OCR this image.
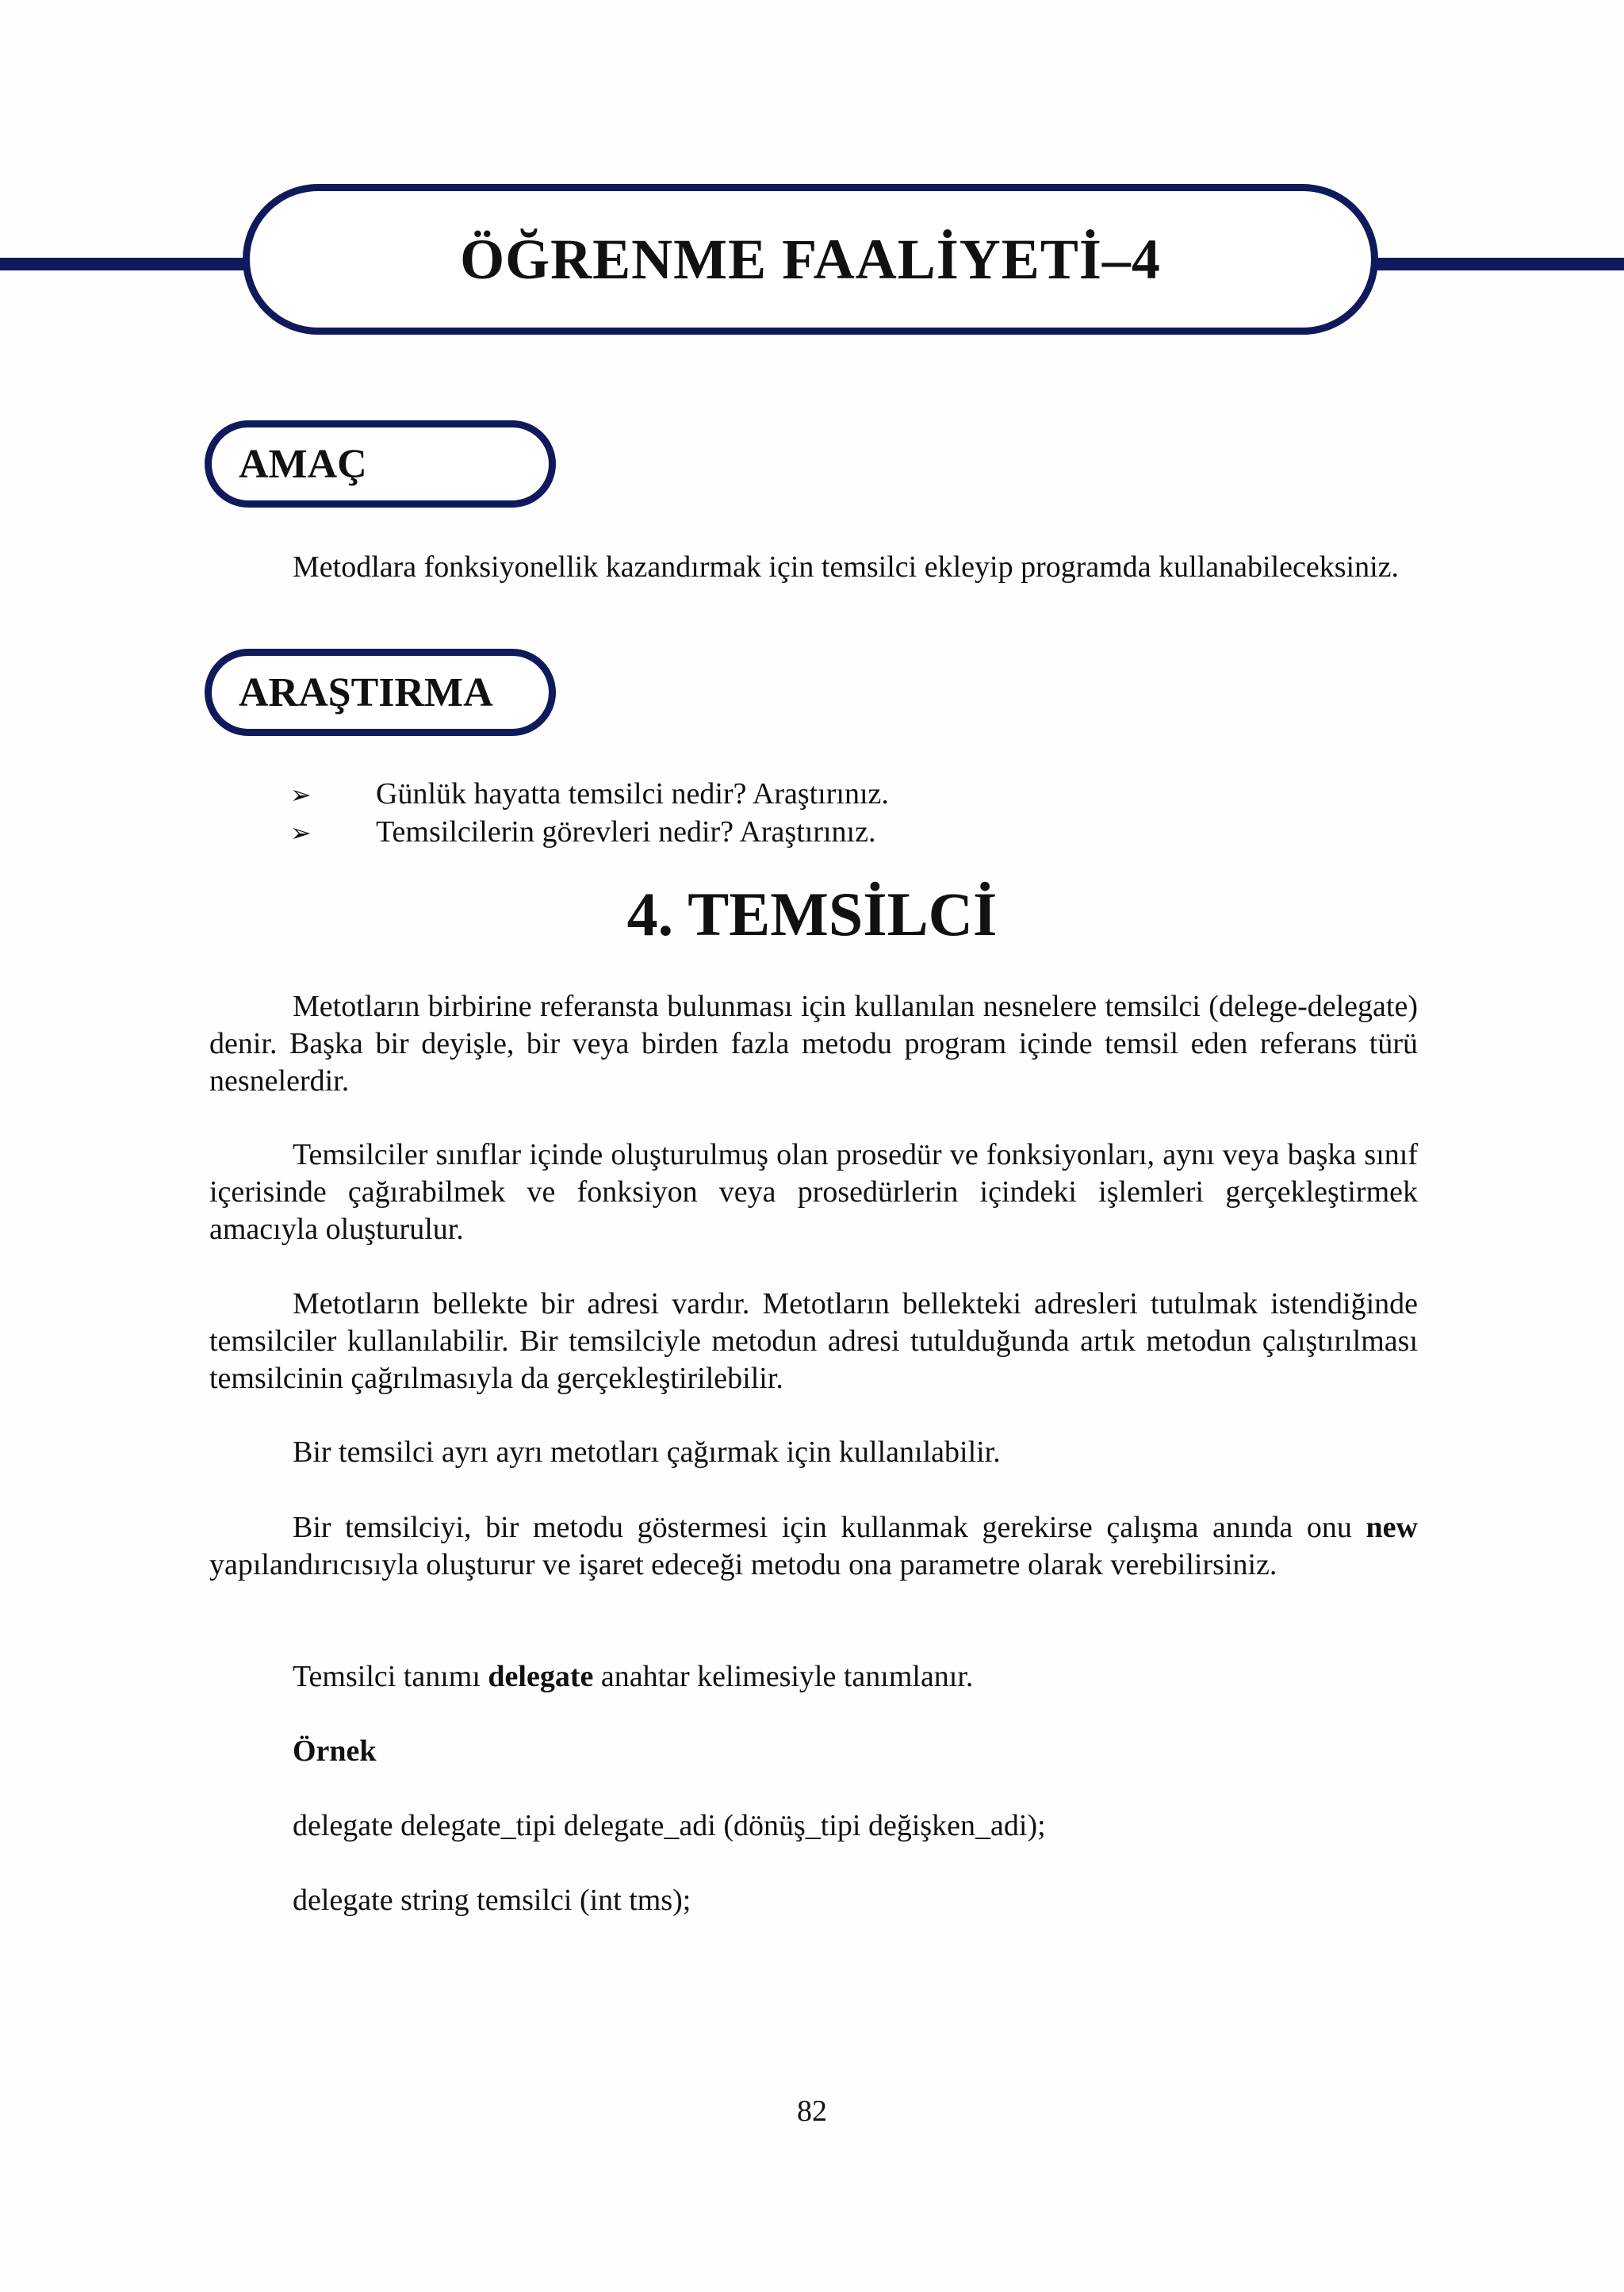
ÖĞRENME FAALİYETİ–4
AMAÇ

Metodlara fonksiyonellik kazandırmak için temsilci ekleyip programda kullanabileceksiniz.

ARAŞTIRMA
➢	Günlük hayatta temsilci nedir? Araştırınız.
➢	Temsilcilerin görevleri nedir? Araştırınız.
4. TEMSİLCİ

Metotların birbirine referansta bulunması için kullanılan nesnelere temsilci (delege-delegate) denir. Başka bir deyişle, bir veya birden fazla metodu program içinde temsil eden referans türü nesnelerdir.

Temsilciler sınıflar içinde oluşturulmuş olan prosedür ve fonksiyonları, aynı veya başka sınıf içerisinde çağırabilmek ve fonksiyon veya prosedürlerin içindeki işlemleri gerçekleştirmek amacıyla oluşturulur.

Metotların bellekte bir adresi vardır. Metotların bellekteki adresleri tutulmak istendiğinde temsilciler kullanılabilir. Bir temsilciyle metodun adresi tutulduğunda artık metodun çalıştırılması temsilcinin çağrılmasıyla da gerçekleştirilebilir.

Bir temsilci ayrı ayrı metotları çağırmak için kullanılabilir.

Bir temsilciyi, bir metodu göstermesi için kullanmak gerekirse çalışma anında onu new yapılandırıcısıyla oluşturur ve işaret edeceği metodu ona parametre olarak verebilirsiniz.

Temsilci tanımı delegate anahtar kelimesiyle tanımlanır.

Örnek

delegate delegate_tipi delegate_adi (dönüş_tipi değişken_adi);

delegate string temsilci (int tms);

82
